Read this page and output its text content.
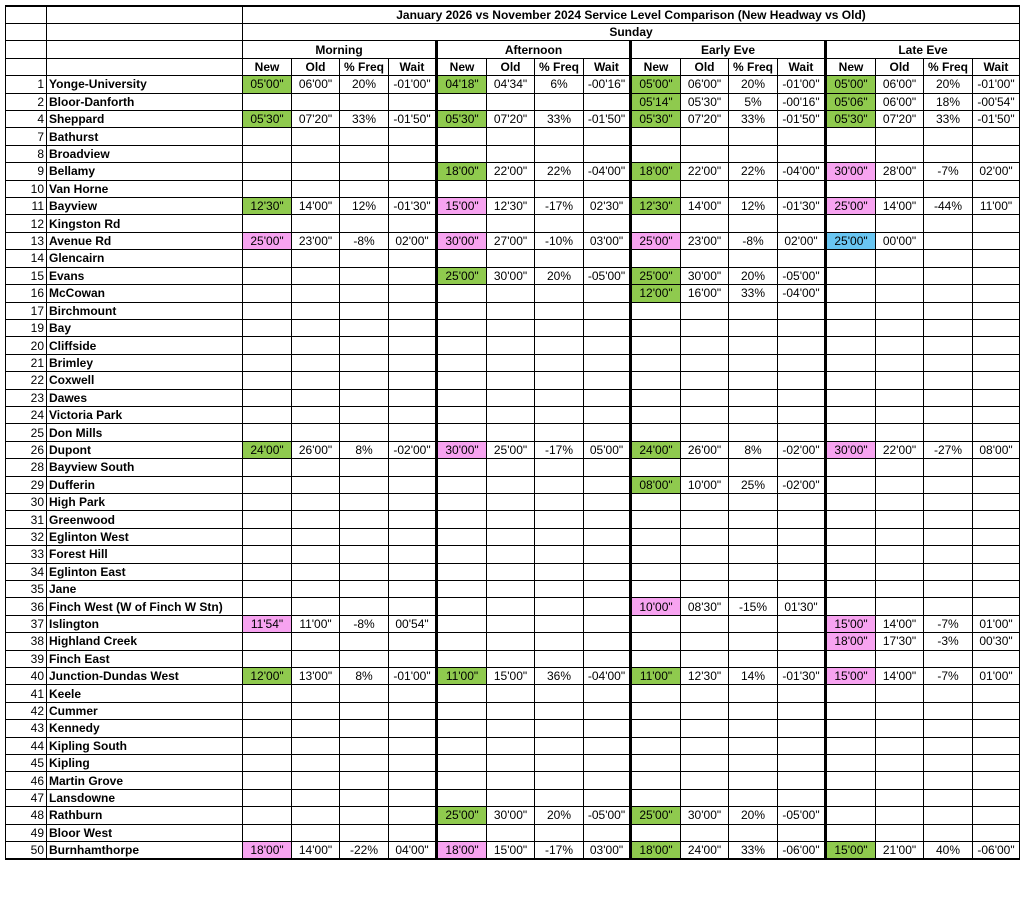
		January 2026 vs November 2024 Service Level Comparison (New Headway vs Old)															
		Sunday															
		Morning				Afternoon				Early Eve				Late Eve			
		New	Old	% Freq	Wait	New	Old	% Freq	Wait	New	Old	% Freq	Wait	New	Old	% Freq	Wait
1	Yonge-University	05'00"	06'00"	20%	-01'00"	04'18"	04'34"	6%	-00'16"	05'00"	06'00"	20%	-01'00"	05'00"	06'00"	20%	-01'00"
2	Bloor-Danforth									05'14"	05'30"	5%	-00'16"	05'06"	06'00"	18%	-00'54"
4	Sheppard	05'30"	07'20"	33%	-01'50"	05'30"	07'20"	33%	-01'50"	05'30"	07'20"	33%	-01'50"	05'30"	07'20"	33%	-01'50"
7	Bathurst																
8	Broadview																
9	Bellamy					18'00"	22'00"	22%	-04'00"	18'00"	22'00"	22%	-04'00"	30'00"	28'00"	-7%	02'00"
10	Van Horne																
11	Bayview	12'30"	14'00"	12%	-01'30"	15'00"	12'30"	-17%	02'30"	12'30"	14'00"	12%	-01'30"	25'00"	14'00"	-44%	11'00"
12	Kingston Rd																
13	Avenue Rd	25'00"	23'00"	-8%	02'00"	30'00"	27'00"	-10%	03'00"	25'00"	23'00"	-8%	02'00"	25'00"	00'00"		
14	Glencairn																
15	Evans					25'00"	30'00"	20%	-05'00"	25'00"	30'00"	20%	-05'00"				
16	McCowan									12'00"	16'00"	33%	-04'00"				
17	Birchmount																
19	Bay																
20	Cliffside																
21	Brimley																
22	Coxwell																
23	Dawes																
24	Victoria Park																
25	Don Mills																
26	Dupont	24'00"	26'00"	8%	-02'00"	30'00"	25'00"	-17%	05'00"	24'00"	26'00"	8%	-02'00"	30'00"	22'00"	-27%	08'00"
28	Bayview South																
29	Dufferin									08'00"	10'00"	25%	-02'00"				
30	High Park																
31	Greenwood																
32	Eglinton West																
33	Forest Hill																
34	Eglinton East																
35	Jane																
36	Finch West (W of Finch W Stn)									10'00"	08'30"	-15%	01'30"				
37	Islington	11'54"	11'00"	-8%	00'54"									15'00"	14'00"	-7%	01'00"
38	Highland Creek													18'00"	17'30"	-3%	00'30"
39	Finch East																
40	Junction-Dundas West	12'00"	13'00"	8%	-01'00"	11'00"	15'00"	36%	-04'00"	11'00"	12'30"	14%	-01'30"	15'00"	14'00"	-7%	01'00"
41	Keele																
42	Cummer																
43	Kennedy																
44	Kipling South																
45	Kipling																
46	Martin Grove																
47	Lansdowne																
48	Rathburn					25'00"	30'00"	20%	-05'00"	25'00"	30'00"	20%	-05'00"				
49	Bloor West																
50	Burnhamthorpe	18'00"	14'00"	-22%	04'00"	18'00"	15'00"	-17%	03'00"	18'00"	24'00"	33%	-06'00"	15'00"	21'00"	40%	-06'00"
